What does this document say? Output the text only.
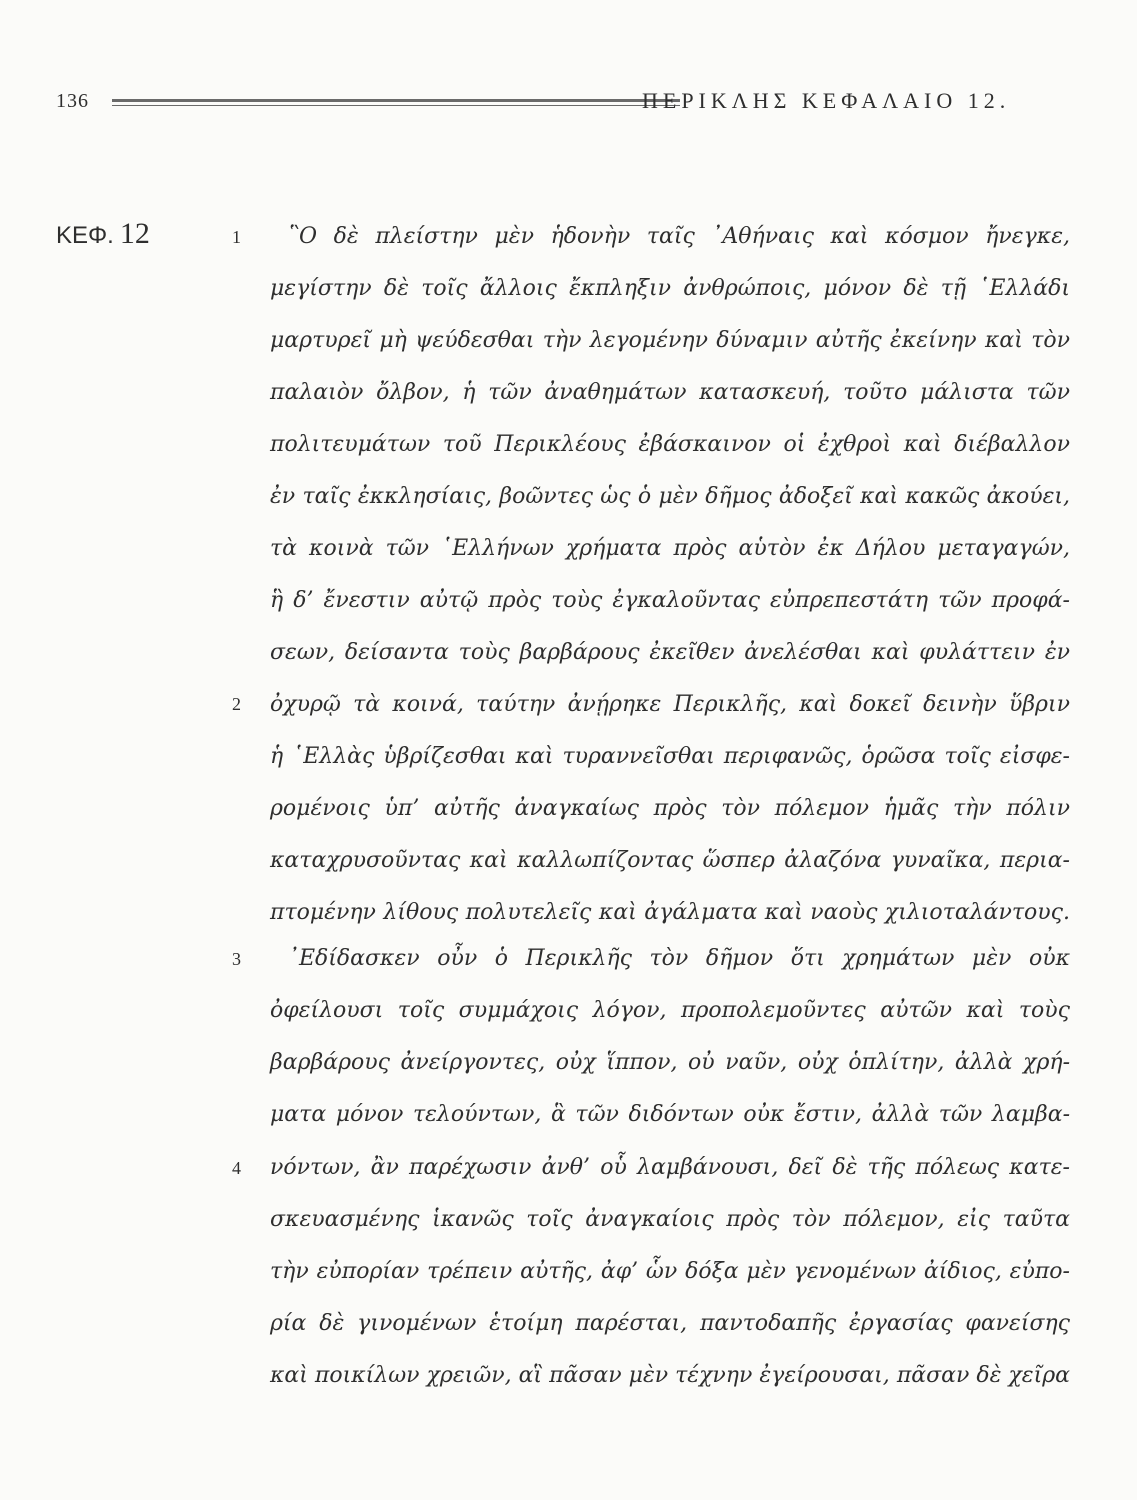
136	ΠΕΡΙΚΛΗΣ ΚΕΦΑΛΑΙΟ 12.
ΚΕΦ. 12	1
2
3
4
῝Ο δὲ πλείστην μὲν ἡδονὴν ταῖς ᾿Αθήναις καὶ κόσμον ἤνεγκε,
μεγίστην δὲ τοῖς ἄλλοις ἔκπληξιν ἀνθρώποις, μόνον δὲ τῇ ῾Ελλάδι
μαρτυρεῖ μὴ ψεύδεσθαι τὴν λεγομένην δύναμιν αὐτῆς ἐκείνην καὶ τὸν
παλαιὸν ὄλβον, ἡ τῶν ἀναθημάτων κατασκευή, τοῦτο μάλιστα τῶν
πολιτευμάτων τοῦ Περικλέους ἐβάσκαινον οἱ ἐχθροὶ καὶ διέβαλλον
ἐν ταῖς ἐκκλησίαις, βοῶντες ὡς ὁ μὲν δῆμος ἀδοξεῖ καὶ κακῶς ἀκούει,
τὰ κοινὰ τῶν ῾Ελλήνων χρήματα πρὸς αὑτὸν ἐκ Δήλου μεταγαγών,
ἣ δ’ ἔνεστιν αὐτῷ πρὸς τοὺς ἐγκαλοῦντας εὐπρεπεστάτη τῶν προφά-
σεων, δείσαντα τοὺς βαρβάρους ἐκεῖθεν ἀνελέσθαι καὶ φυλάττειν ἐν
ὀχυρῷ τὰ κοινά, ταύτην ἀνῄρηκε Περικλῆς, καὶ δοκεῖ δεινὴν ὕβριν
ἡ ῾Ελλὰς ὑβρίζεσθαι καὶ τυραννεῖσθαι περιφανῶς, ὁρῶσα τοῖς εἰσφε-
ρομένοις ὑπ’ αὐτῆς ἀναγκαίως πρὸς τὸν πόλεμον ἡμᾶς τὴν πόλιν
καταχρυσοῦντας καὶ καλλωπίζοντας ὥσπερ ἀλαζόνα γυναῖκα, περια-
πτομένην λίθους πολυτελεῖς καὶ ἀγάλματα καὶ ναοὺς χιλιοταλάντους.
᾿Εδίδασκεν οὖν ὁ Περικλῆς τὸν δῆμον ὅτι χρημάτων μὲν οὐκ
ὀφείλουσι τοῖς συμμάχοις λόγον, προπολεμοῦντες αὐτῶν καὶ τοὺς
βαρβάρους ἀνείργοντες, οὐχ ἵππον, οὐ ναῦν, οὐχ ὁπλίτην, ἀλλὰ χρή-
ματα μόνον τελούντων, ἃ τῶν διδόντων οὐκ ἔστιν, ἀλλὰ τῶν λαμβα-
νόντων, ἂν παρέχωσιν ἀνθ’ οὗ λαμβάνουσι, δεῖ δὲ τῆς πόλεως κατε-
σκευασμένης ἱκανῶς τοῖς ἀναγκαίοις πρὸς τὸν πόλεμον, εἰς ταῦτα
τὴν εὐπορίαν τρέπειν αὐτῆς, ἀφ’ ὧν δόξα μὲν γενομένων ἀίδιος, εὐπο-
ρία δὲ γινομένων ἑτοίμη παρέσται, παντοδαπῆς ἐργασίας φανείσης
καὶ ποικίλων χρειῶν, αἳ πᾶσαν μὲν τέχνην ἐγείρουσαι, πᾶσαν δὲ χεῖρα
